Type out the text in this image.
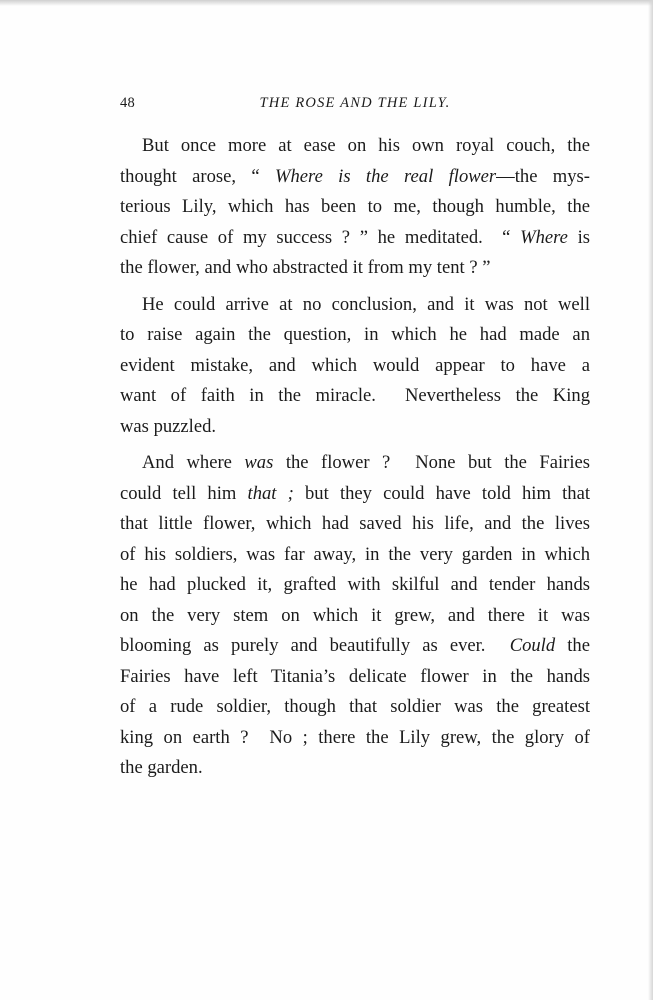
48	THE ROSE AND THE LILY.
But once more at ease on his own royal couch, the
thought arose, “ Where is the real flower—the mys-
terious Lily, which has been to me, though humble, the
chief cause of my success ? ” he meditated.  “ Where is
the flower, and who abstracted it from my tent ? ”
He could arrive at no conclusion, and it was not well
to raise again the question, in which he had made an
evident mistake, and which would appear to have a
want of faith in the miracle.  Nevertheless the King
was puzzled.
And where was the flower ?  None but the Fairies
could tell him that ; but they could have told him that
that little flower, which had saved his life, and the lives
of his soldiers, was far away, in the very garden in which
he had plucked it, grafted with skilful and tender hands
on the very stem on which it grew, and there it was
blooming as purely and beautifully as ever.  Could the
Fairies have left Titania’s delicate flower in the hands
of a rude soldier, though that soldier was the greatest
king on earth ?  No ; there the Lily grew, the glory of
the garden.
